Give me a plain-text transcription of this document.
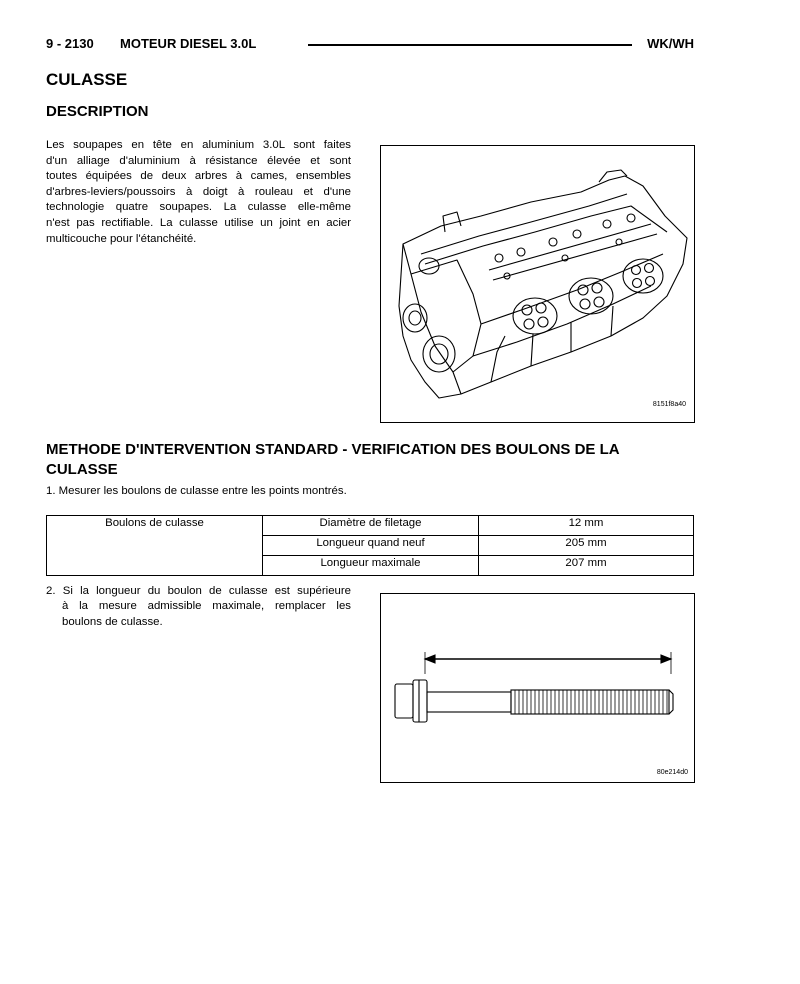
9 - 2130 MOTEUR DIESEL 3.0L	WK/WH
CULASSE
DESCRIPTION
Les soupapes en tête en aluminium 3.0L sont faites
d'un alliage d'aluminium à résistance élevée et sont
toutes équipées de deux arbres à cames, ensembles
d'arbres-leviers/poussoirs à doigt à rouleau et d'une
technologie quatre soupapes. La culasse elle-même
n'est pas rectifiable. La culasse utilise un joint en acier
multicouche pour l'étanchéité.
8151f8a40
METHODE D'INTERVENTION STANDARD - VERIFICATION DES BOULONS DE LA
CULASSE
1. Mesurer les boulons de culasse entre les points montrés.
Boulons de culasse	Diamètre de filetage	12 mm
	Longueur quand neuf	205 mm
	Longueur maximale	207 mm
2. Si la longueur du boulon de culasse est supérieure
à la mesure admissible maximale, remplacer les
boulons de culasse.
80e214d0
